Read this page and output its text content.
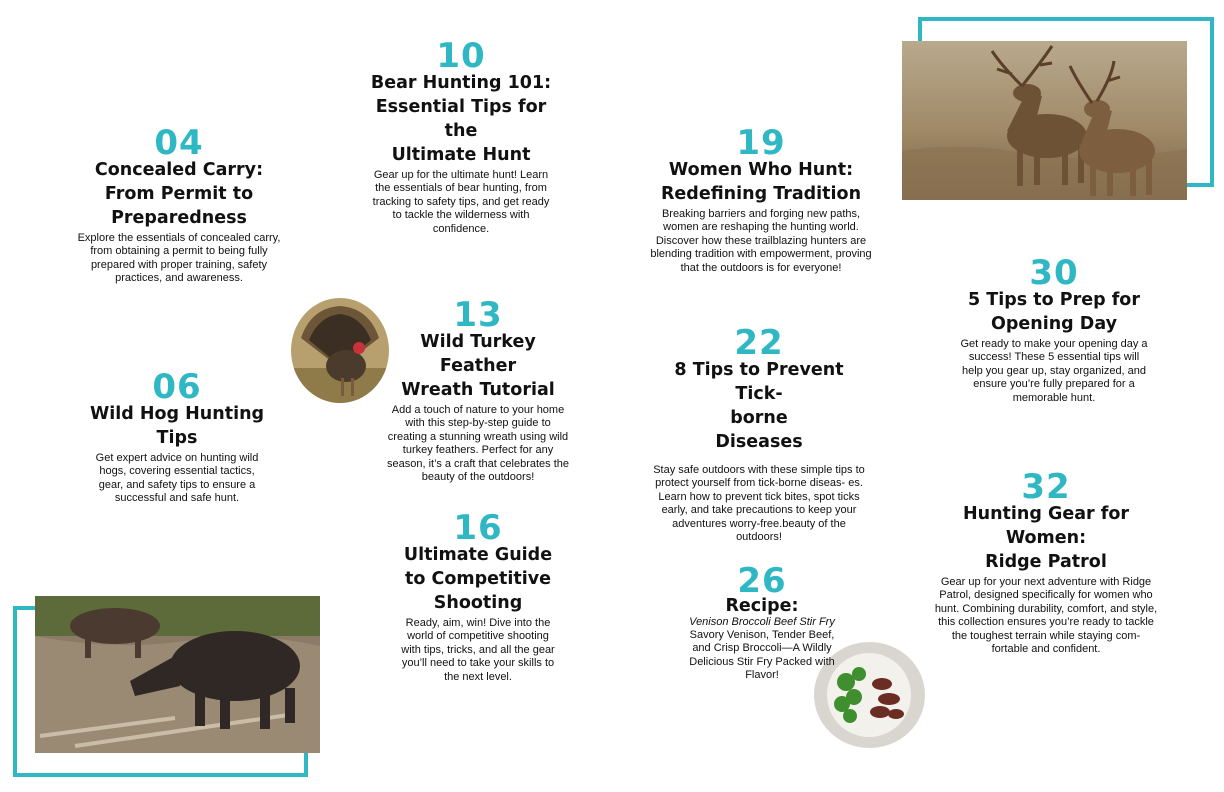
04
Concealed Carry:
From Permit to
Preparedness
Explore the essentials of concealed carry, from obtaining a permit to being fully prepared with proper training, safety practices, and awareness.
06
Wild Hog Hunting
Tips
Get expert advice on hunting wild hogs, covering essential tactics, gear, and safety tips to ensure a successful and safe hunt.
10
Bear Hunting 101:
Essential Tips for the
Ultimate Hunt
Gear up for the ultimate hunt! Learn the essentials of bear hunting, from tracking to safety tips, and get ready to tackle the wilderness with confidence.
13
Wild Turkey Feather
Wreath Tutorial
Add a touch of nature to your home with this step-by-step guide to creating a stunning wreath using wild turkey feathers. Perfect for any season, it’s a craft that celebrates the beauty of the outdoors!
16
Ultimate Guide
to Competitive
Shooting
Ready, aim, win! Dive into the world of competitive shooting with tips, tricks, and all the gear you’ll need to take your skills to the next level.
19
Women Who Hunt:
Redefining Tradition
Breaking barriers and forging new paths, women are reshaping the hunting world. Discover how these trailblazing hunters are blending tradition with empowerment, proving that the outdoors is for everyone!
22
8 Tips to Prevent Tick-
borne
Diseases
Stay safe outdoors with these simple tips to protect yourself from tick-borne diseas- es. Learn how to prevent tick bites, spot ticks early, and take precautions to keep your adventures worry-free.beauty of the outdoors!
26
Recipe:
Venison Broccoli Beef Stir Fry
Savory Venison, Tender Beef, and Crisp Broccoli—A Wildly Delicious Stir Fry Packed with Flavor!
30
5 Tips to Prep for
Opening Day
Get ready to make your opening day a success! These 5 essential tips will help you gear up, stay organized, and ensure you’re fully prepared for a memorable hunt.
32
Hunting Gear for Women:
Ridge Patrol
Gear up for your next adventure with Ridge Patrol, designed specifically for women who hunt. Combining durability, comfort, and style, this collection ensures you’re ready to tackle the toughest terrain while staying com- fortable and confident.
